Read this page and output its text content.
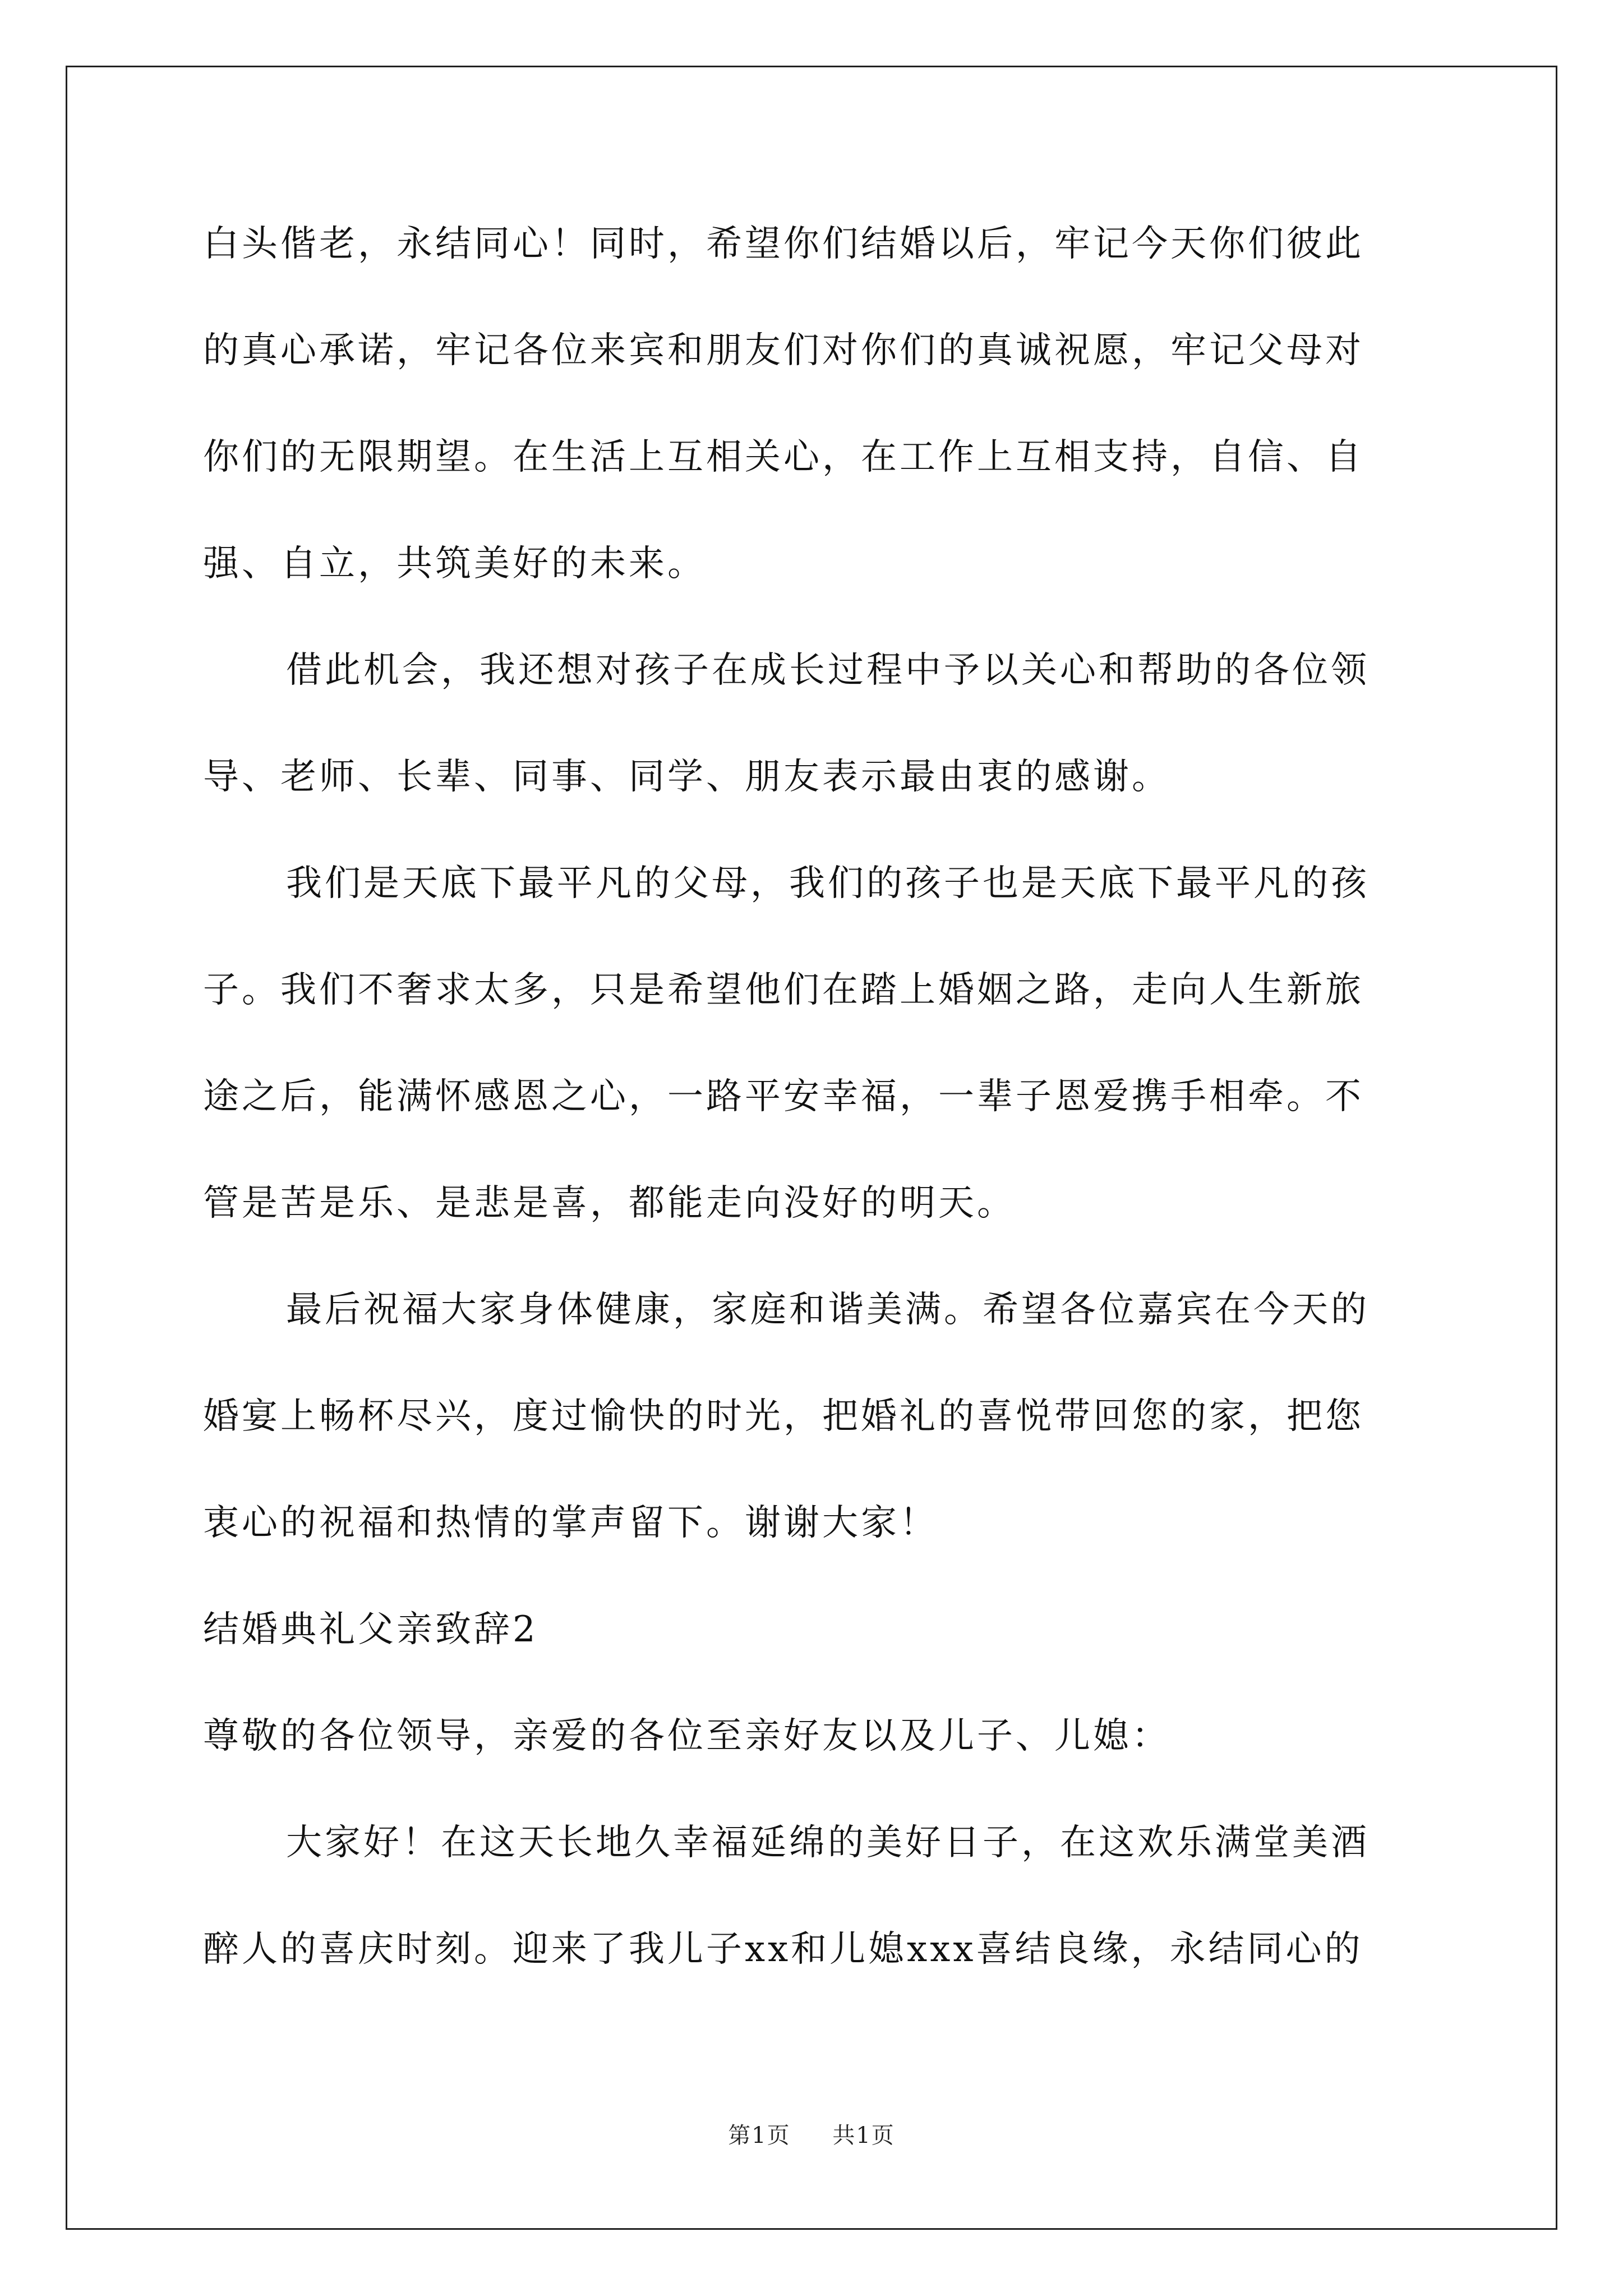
白头偕老，永结同心！同时，希望你们结婚以后，牢记今天你们彼此
的真心承诺，牢记各位来宾和朋友们对你们的真诚祝愿，牢记父母对
你们的无限期望。在生活上互相关心，在工作上互相支持，自信、自
强、自立，共筑美好的未来。
借此机会，我还想对孩子在成长过程中予以关心和帮助的各位领
导、老师、长辈、同事、同学、朋友表示最由衷的感谢。
我们是天底下最平凡的父母，我们的孩子也是天底下最平凡的孩
子。我们不奢求太多，只是希望他们在踏上婚姻之路，走向人生新旅
途之后，能满怀感恩之心，一路平安幸福，一辈子恩爱携手相牵。不
管是苦是乐、是悲是喜，都能走向没好的明天。
最后祝福大家身体健康，家庭和谐美满。希望各位嘉宾在今天的
婚宴上畅杯尽兴，度过愉快的时光，把婚礼的喜悦带回您的家，把您
衷心的祝福和热情的掌声留下。谢谢大家！
结婚典礼父亲致辞2
尊敬的各位领导，亲爱的各位至亲好友以及儿子、儿媳：
大家好！在这天长地久幸福延绵的美好日子，在这欢乐满堂美酒
醉人的喜庆时刻。迎来了我儿子xx和儿媳xxx喜结良缘，永结同心的
第1页 共1页
